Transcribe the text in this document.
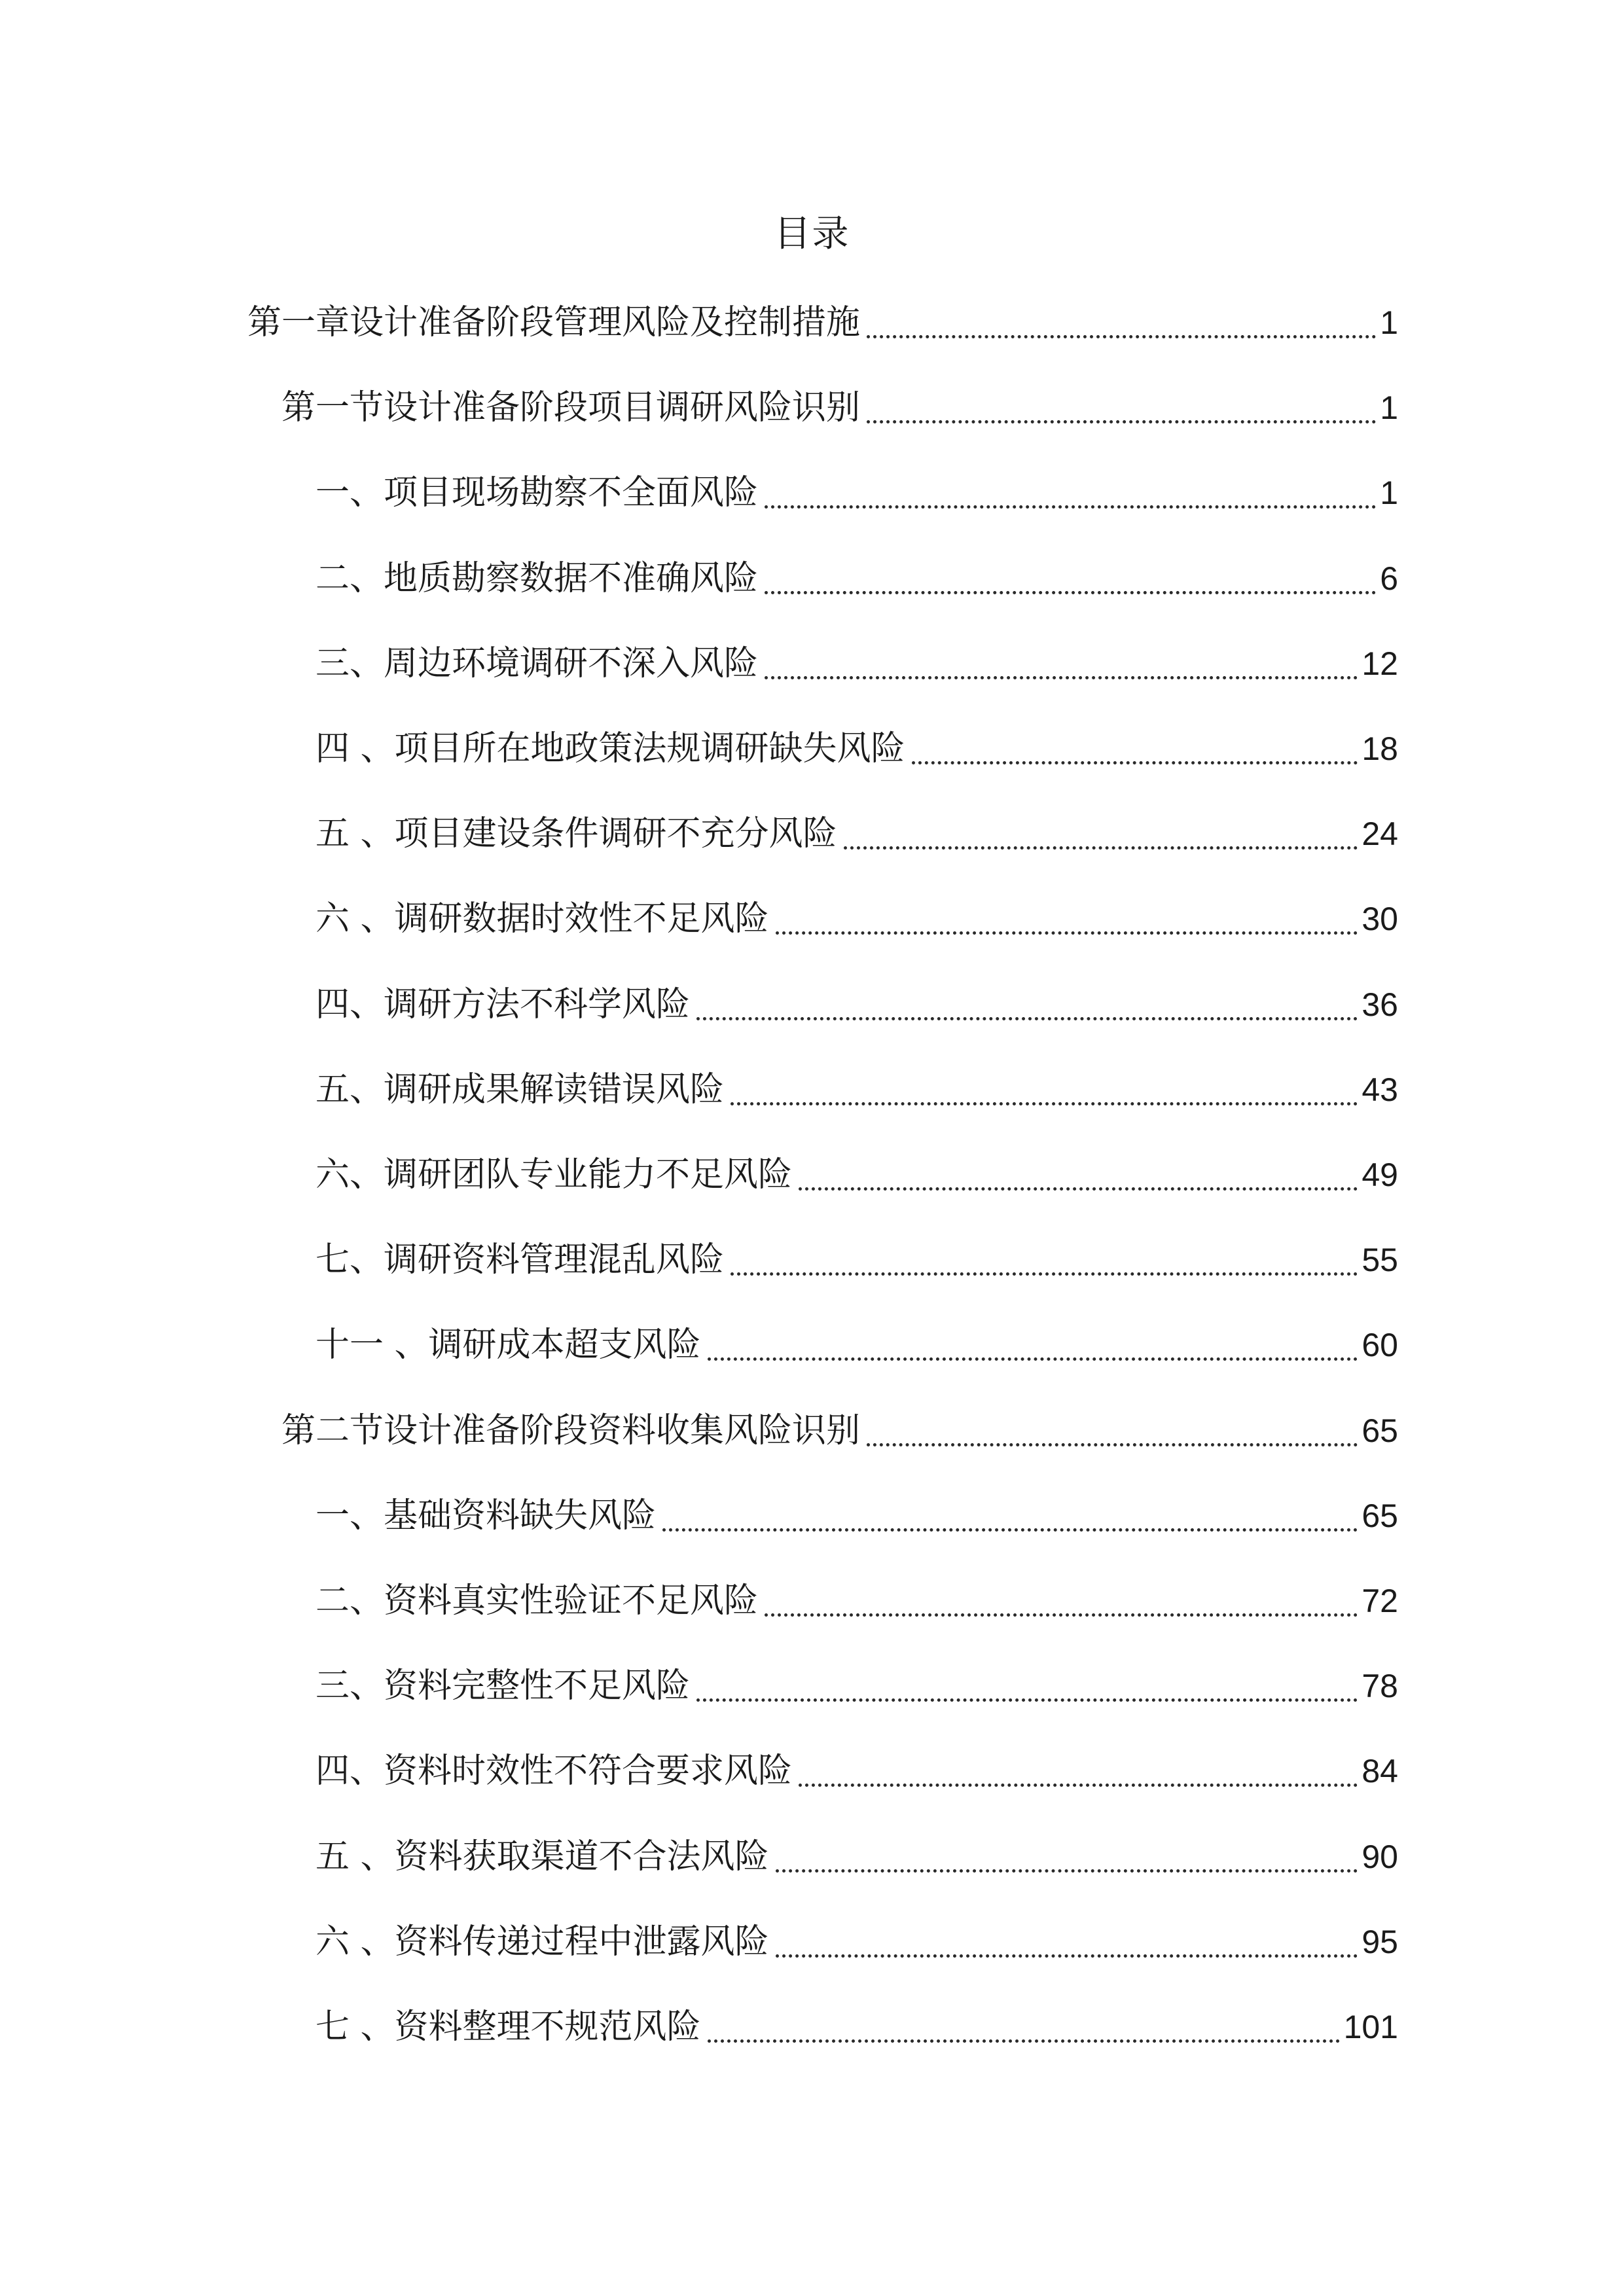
目录
第一章设计准备阶段管理风险及控制措施	1
第一节设计准备阶段项目调研风险识别	1
一、项目现场勘察不全面风险	1
二、地质勘察数据不准确风险	6
三、周边环境调研不深入风险	12
四 、项目所在地政策法规调研缺失风险	18
五 、项目建设条件调研不充分风险	24
六 、调研数据时效性不足风险	30
四、调研方法不科学风险	36
五、调研成果解读错误风险	43
六、调研团队专业能力不足风险	49
七、调研资料管理混乱风险	55
十一 、调研成本超支风险	60
第二节设计准备阶段资料收集风险识别	65
一、基础资料缺失风险	65
二、资料真实性验证不足风险	72
三、资料完整性不足风险	78
四、资料时效性不符合要求风险	84
五 、资料获取渠道不合法风险	90
六 、资料传递过程中泄露风险	95
七 、资料整理不规范风险	101
